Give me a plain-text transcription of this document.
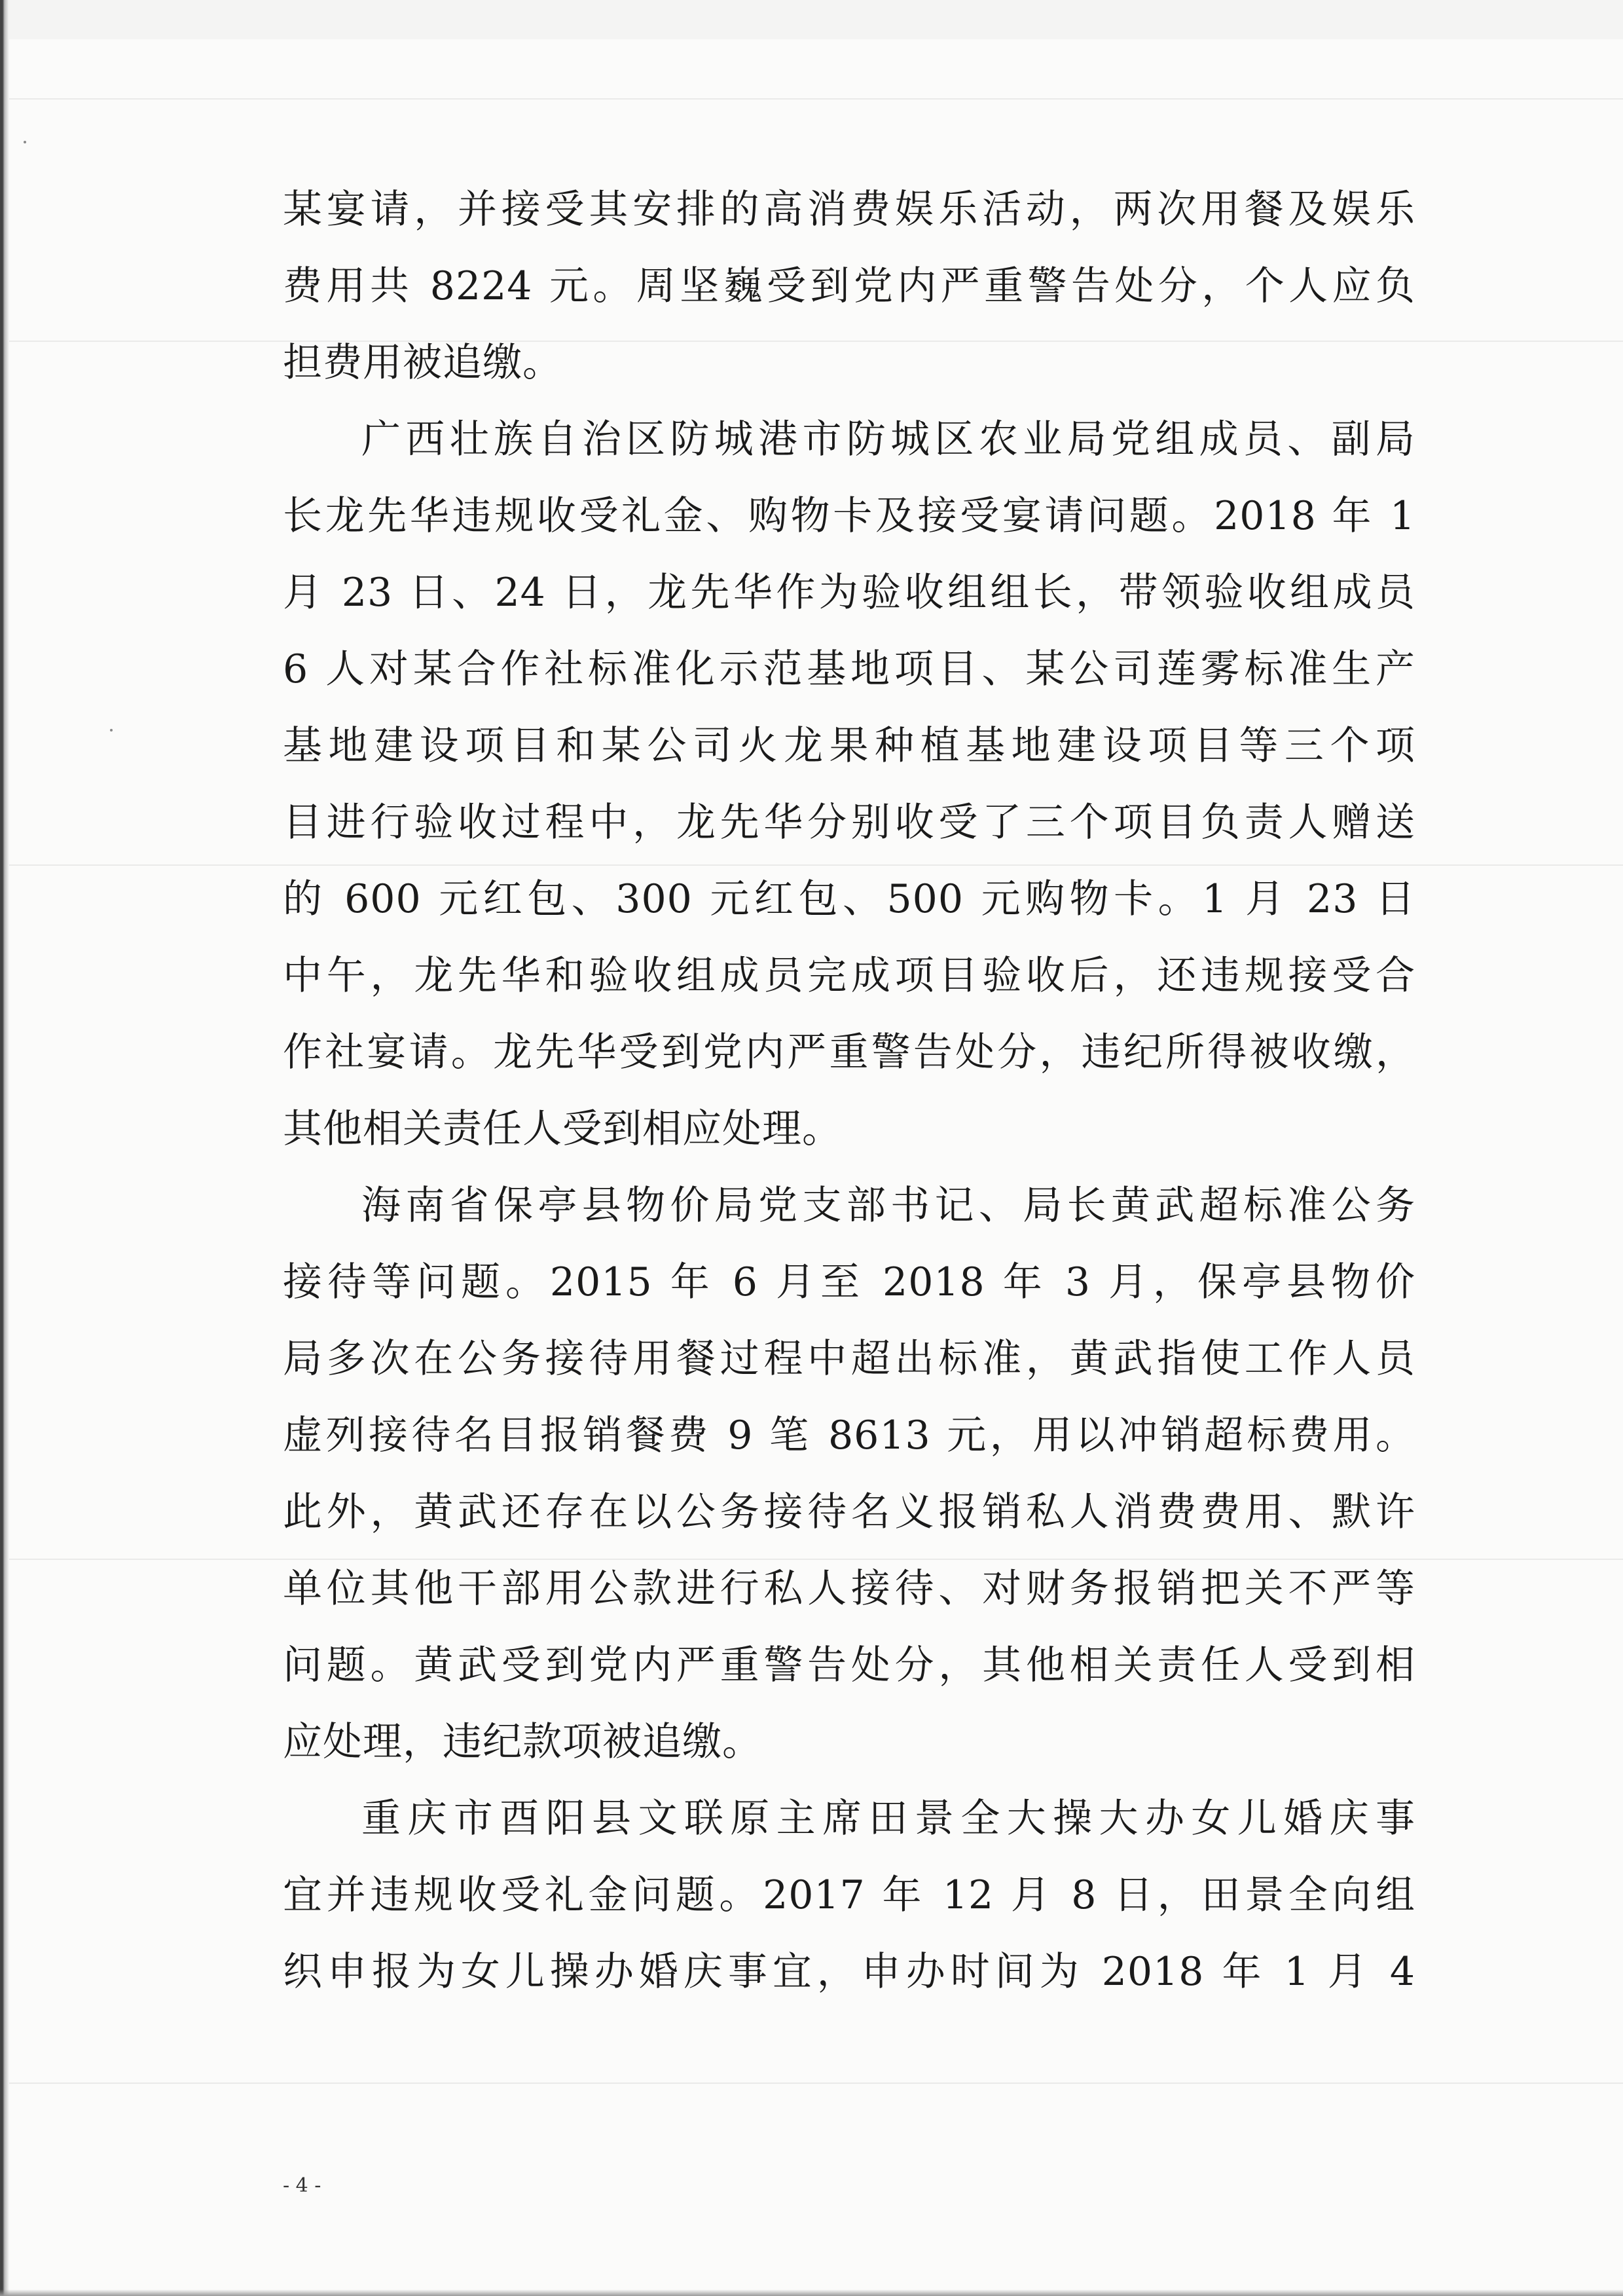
某宴请，并接受其安排的高消费娱乐活动，两次用餐及娱乐
费用共 8224 元。周坚巍受到党内严重警告处分，个人应负
担费用被追缴。
广西壮族自治区防城港市防城区农业局党组成员、副局
长龙先华违规收受礼金、购物卡及接受宴请问题。2018 年 1
月 23 日、24 日，龙先华作为验收组组长，带领验收组成员
6 人对某合作社标准化示范基地项目、某公司莲雾标准生产
基地建设项目和某公司火龙果种植基地建设项目等三个项
目进行验收过程中，龙先华分别收受了三个项目负责人赠送
的 600 元红包、300 元红包、500 元购物卡。1 月 23 日
中午，龙先华和验收组成员完成项目验收后，还违规接受合
作社宴请。龙先华受到党内严重警告处分，违纪所得被收缴，
其他相关责任人受到相应处理。
海南省保亭县物价局党支部书记、局长黄武超标准公务
接待等问题。2015 年 6 月至 2018 年 3 月，保亭县物价
局多次在公务接待用餐过程中超出标准，黄武指使工作人员
虚列接待名目报销餐费 9 笔 8613 元，用以冲销超标费用。
此外，黄武还存在以公务接待名义报销私人消费费用、默许
单位其他干部用公款进行私人接待、对财务报销把关不严等
问题。黄武受到党内严重警告处分，其他相关责任人受到相
应处理，违纪款项被追缴。
重庆市酉阳县文联原主席田景全大操大办女儿婚庆事
宜并违规收受礼金问题。2017 年 12 月 8 日，田景全向组
织申报为女儿操办婚庆事宜，申办时间为 2018 年 1 月 4
- 4 -
